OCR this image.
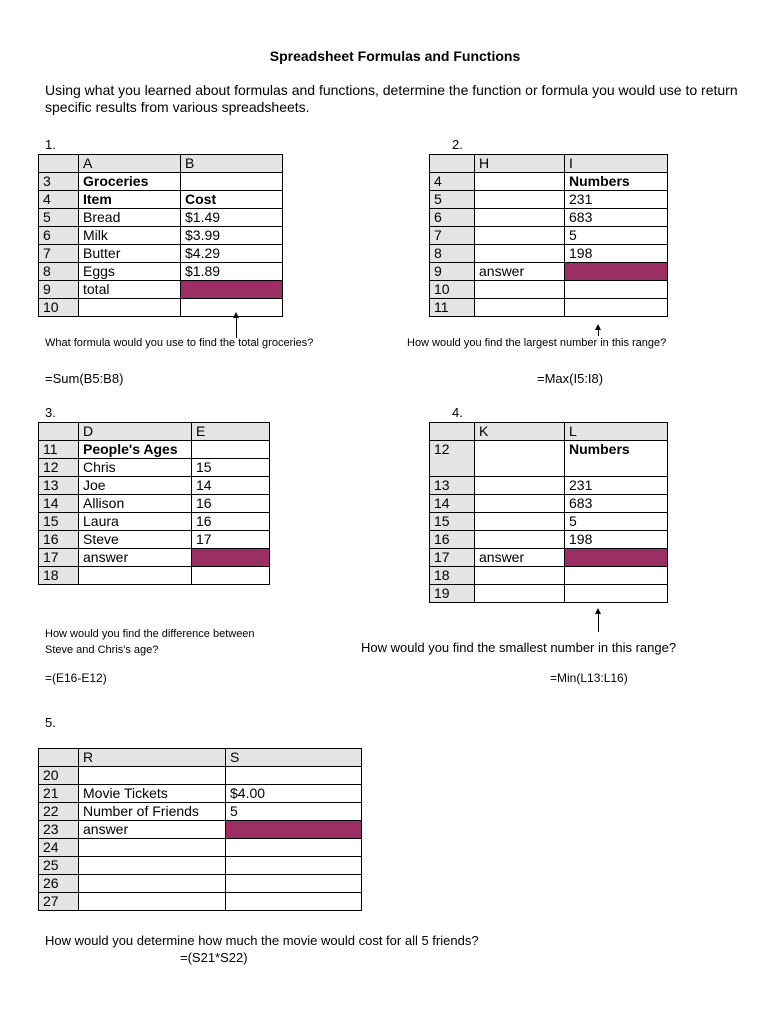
Spreadsheet Formulas and Functions
Using what you learned about formulas and functions, determine the function or formula you would use to return specific results from various spreadsheets.
1.
	A	B
3	Groceries	
4	Item	Cost
5	Bread	$1.49
6	Milk	$3.99
7	Butter	$4.29
8	Eggs	$1.89
9	total	
10		
What formula would you use to find the total groceries?
=Sum(B5:B8)
2.
	H	I
4		Numbers
5		231
6		683
7		5
8		198
9	answer	
10		
11		
How would you find the largest number in this range?
=Max(I5:I8)
3.
	D	E
11	People's Ages	
12	Chris	15
13	Joe	14
14	Allison	16
15	Laura	16
16	Steve	17
17	answer	
18		
How would you find the difference between
Steve and Chris's age?
=(E16-E12)
4.
	K	L
12		Numbers
13		231
14		683
15		5
16		198
17	answer	
18		
19		
How would you find the smallest number in this range?
=Min(L13:L16)
5.
	R	S
20		
21	Movie Tickets	$4.00
22	Number of Friends	5
23	answer	
24		
25		
26		
27		
How would you determine how much the movie would cost for all 5 friends?
=(S21*S22)
